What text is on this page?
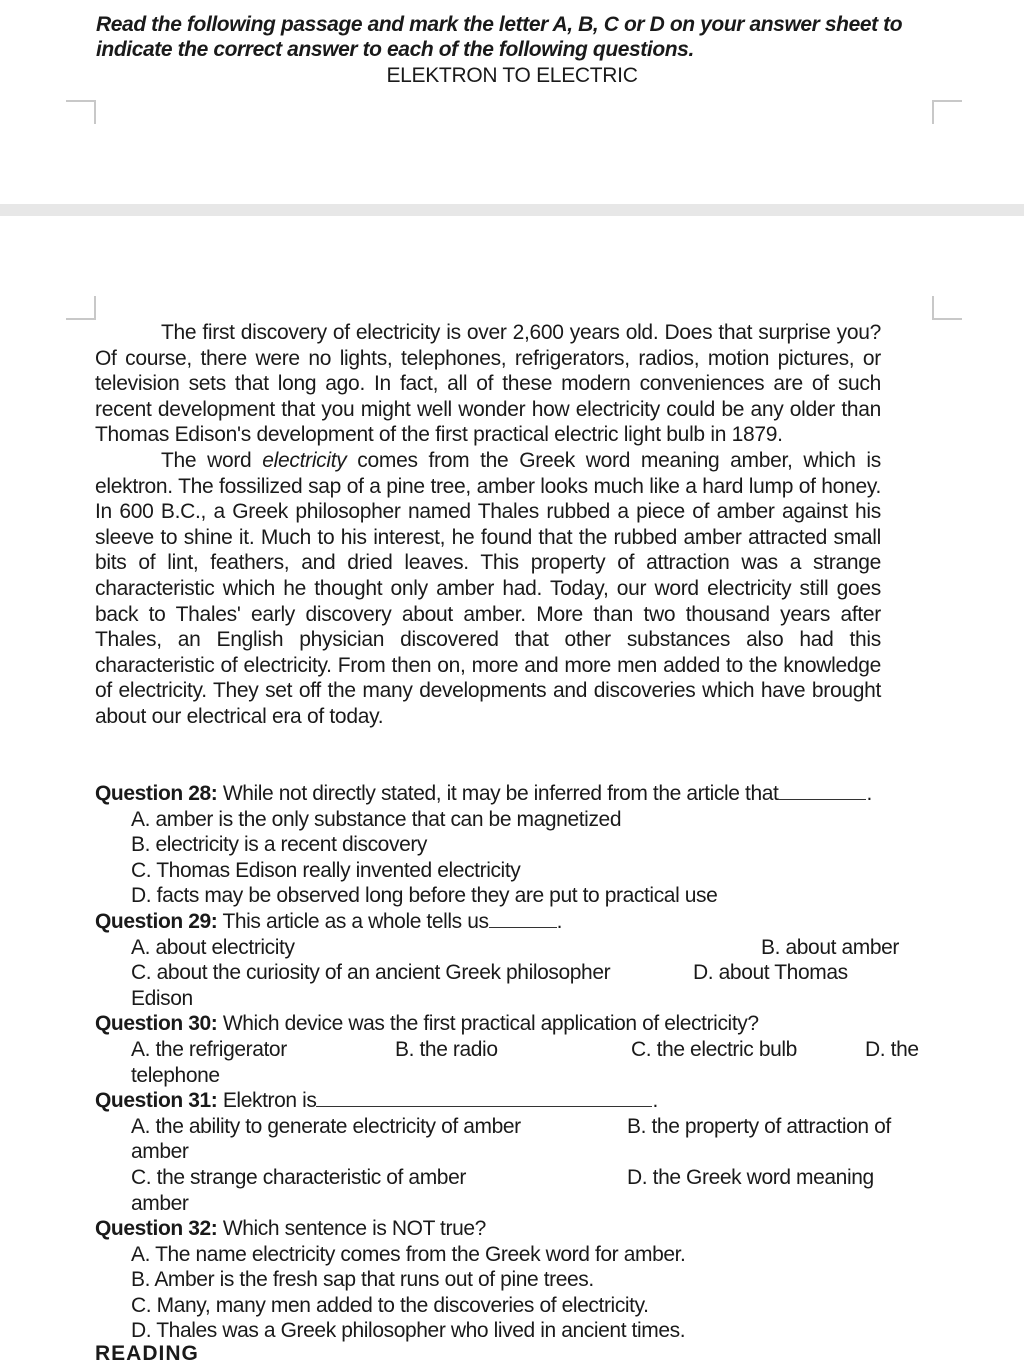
Read the following passage and mark the letter A, B, C or D on your answer sheet to indicate the correct answer to each of the following questions.
ELEKTRON TO ELECTRIC

The first discovery of electricity is over 2,600 years old. Does that surprise you? Of course, there were no lights, telephones, refrigerators, radios, motion pictures, or television sets that long ago. In fact, all of these modern conveniences are of such recent development that you might well wonder how electricity could be any older than Thomas Edison's development of the first practical electric light bulb in 1879.

The word electricity comes from the Greek word meaning amber, which is elektron. The fossilized sap of a pine tree, amber looks much like a hard lump of honey. In 600 B.C., a Greek philosopher named Thales rubbed a piece of amber against his sleeve to shine it. Much to his interest, he found that the rubbed amber attracted small bits of lint, feathers, and dried leaves. This property of attraction was a strange characteristic which he thought only amber had. Today, our word electricity still goes back to Thales' early discovery about amber. More than two thousand years after Thales, an English physician discovered that other substances also had this characteristic of electricity. From then on, more and more men added to the knowledge of electricity. They set off the many developments and discoveries which have brought about our electrical era of today.

Question 28: While not directly stated, it may be inferred from the article that	.
A. amber is the only substance that can be magnetized
B. electricity is a recent discovery
C. Thomas Edison really invented electricity
D. facts may be observed long before they are put to practical use
Question 29: This article as a whole tells us	.
A. about electricity	B. about amber
C. about the curiosity of an ancient Greek philosopher	D. about Thomas
Edison
Question 30: Which device was the first practical application of electricity?
A. the refrigerator	B. the radio	C. the electric bulb	D. the
telephone
Question 31: Elektron is	.
A. the ability to generate electricity of amber	B. the property of attraction of
amber
C. the strange characteristic of amber	D. the Greek word meaning
amber
Question 32: Which sentence is NOT true?
A. The name electricity comes from the Greek word for amber.
B. Amber is the fresh sap that runs out of pine trees.
C. Many, many men added to the discoveries of electricity.
D. Thales was a Greek philosopher who lived in ancient times.
READING
